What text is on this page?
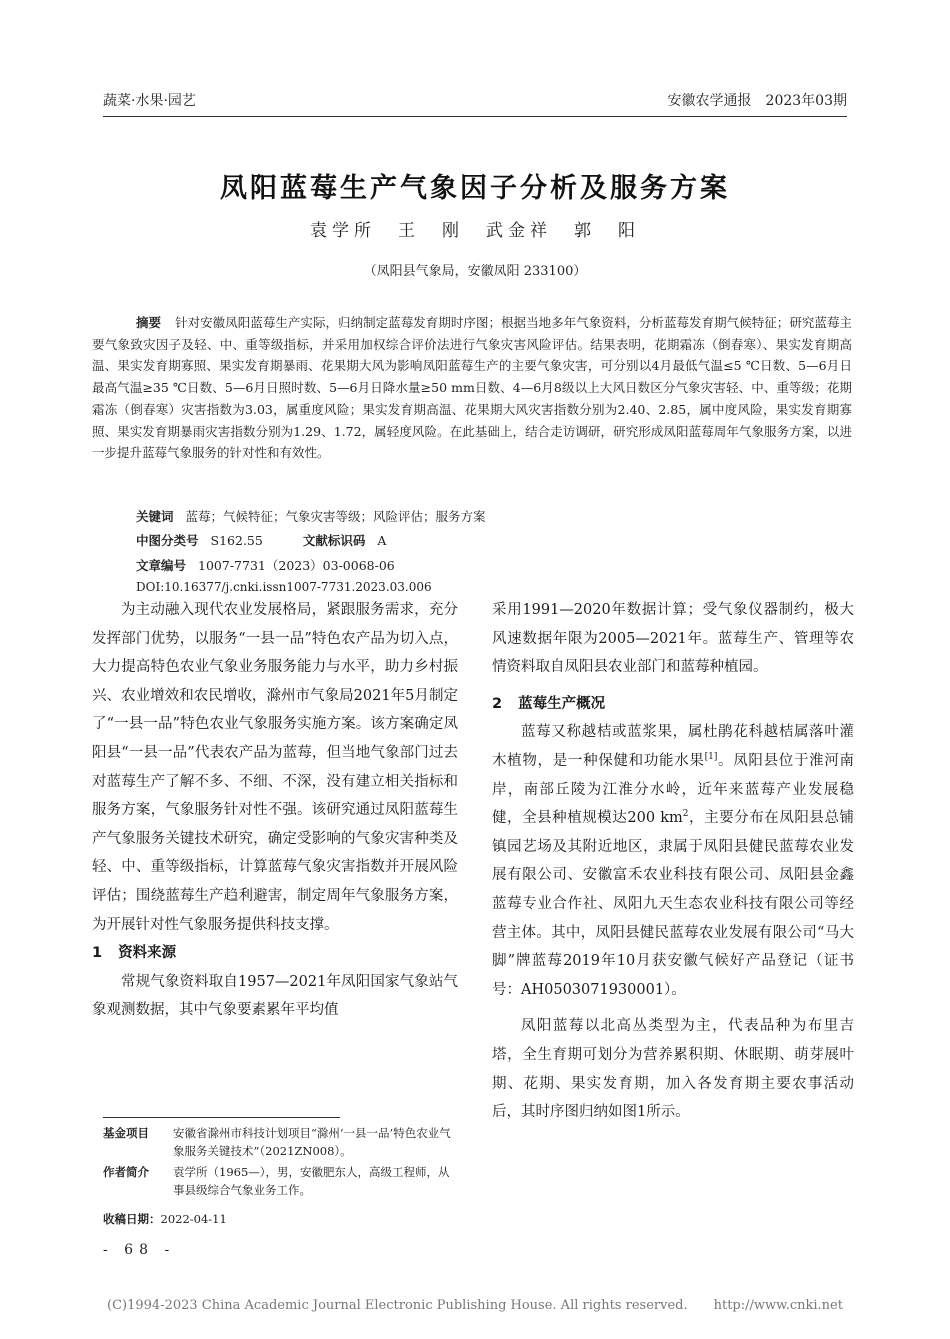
蔬菜·水果·园艺	安徽农学通报　2023年03期
凤阳蓝莓生产气象因子分析及服务方案
袁学所　王　刚　武金祥　郭　阳
（凤阳县气象局，安徽凤阳 233100）
摘要 针对安徽凤阳蓝莓生产实际，归纳制定蓝莓发育期时序图；根据当地多年气象资料，分析蓝莓发育期气候特征；研究蓝莓主要气象致灾因子及轻、中、重等级指标，并采用加权综合评价法进行气象灾害风险评估。结果表明，花期霜冻（倒春寒）、果实发育期高温、果实发育期寡照、果实发育期暴雨、花果期大风为影响凤阳蓝莓生产的主要气象灾害，可分别以4月最低气温≤5 ℃日数、5—6月日最高气温≥35 ℃日数、5—6月日照时数、5—6月日降水量≥50 mm日数、4—6月8级以上大风日数区分气象灾害轻、中、重等级；花期霜冻（倒春寒）灾害指数为3.03，属重度风险；果实发育期高温、花果期大风灾害指数分别为2.40、2.85，属中度风险，果实发育期寡照、果实发育期暴雨灾害指数分别为1.29、1.72，属轻度风险。在此基础上，结合走访调研，研究形成凤阳蓝莓周年气象服务方案，以进一步提升蓝莓气象服务的针对性和有效性。
关键词 蓝莓；气候特征；气象灾害等级；风险评估；服务方案
中图分类号 S162.55	文献标识码 A
文章编号 1007-7731（2023）03-0068-06
DOI:10.16377/j.cnki.issn1007-7731.2023.03.006

为主动融入现代农业发展格局，紧跟服务需求，充分发挥部门优势，以服务“一县一品”特色农产品为切入点，大力提高特色农业气象业务服务能力与水平，助力乡村振兴、农业增效和农民增收，滁州市气象局2021年5月制定了“一县一品”特色农业气象服务实施方案。该方案确定凤阳县“一县一品”代表农产品为蓝莓，但当地气象部门过去对蓝莓生产了解不多、不细、不深，没有建立相关指标和服务方案，气象服务针对性不强。该研究通过凤阳蓝莓生产气象服务关键技术研究，确定受影响的气象灾害种类及轻、中、重等级指标，计算蓝莓气象灾害指数并开展风险评估；围绕蓝莓生产趋利避害，制定周年气象服务方案，为开展针对性气象服务提供科技支撑。

1 资料来源

常规气象资料取自1957—2021年凤阳国家气象站气象观测数据，其中气象要素累年平均值

采用1991—2020年数据计算；受气象仪器制约，极大风速数据年限为2005—2021年。蓝莓生产、管理等农情资料取自凤阳县农业部门和蓝莓种植园。

2 蓝莓生产概况

蓝莓又称越桔或蓝浆果，属杜鹃花科越桔属落叶灌木植物，是一种保健和功能水果[1]。凤阳县位于淮河南岸，南部丘陵为江淮分水岭，近年来蓝莓产业发展稳健，全县种植规模达200 $km^2$，主要分布在凤阳县总铺镇园艺场及其附近地区，隶属于凤阳县健民蓝莓农业发展有限公司、安徽富禾农业科技有限公司、凤阳县金鑫蓝莓专业合作社、凤阳九天生态农业科技有限公司等经营主体。其中，凤阳县健民蓝莓农业发展有限公司“马大脚”牌蓝莓2019年10月获安徽气候好产品登记（证书号：AH0503071930001）。

凤阳蓝莓以北高丛类型为主，代表品种为布里吉塔，全生育期可划分为营养累积期、休眠期、萌芽展叶期、花期、果实发育期，加入各发育期主要农事活动后，其时序图归纳如图1所示。

基金项目 安徽省滁州市科技计划项目“滁州‘一县一品’特色农业气象服务关键技术”（2021ZN008）。
作者简介 袁学所（1965—），男，安徽肥东人，高级工程师，从事县级综合气象业务工作。
收稿日期：2022-04-11
- 68 -
(C)1994-2023 China Academic Journal Electronic Publishing House. All rights reserved.　　http://www.cnki.net
